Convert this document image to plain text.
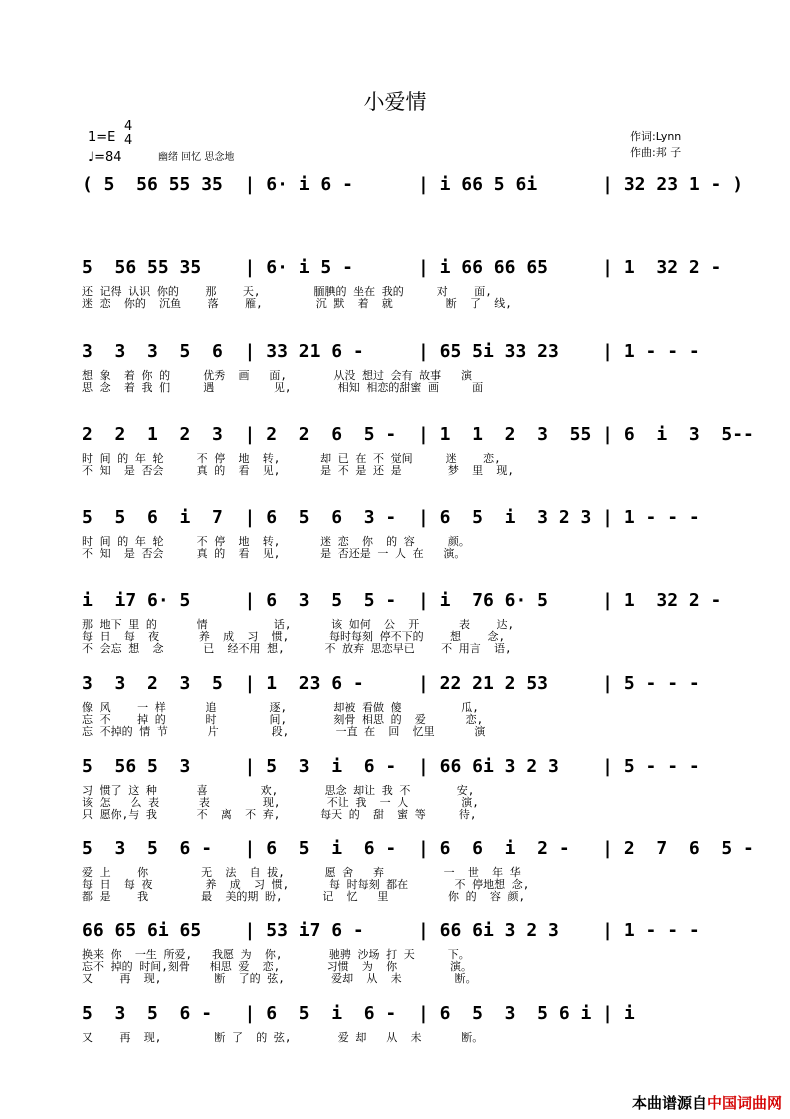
小爱情
1=E
4
4
♩=84	幽绪 回忆 思念地
作词:Lynn
作曲:邦 子
( 5  56 55 35  | 6· i 6 -      | i 66 5 6i      | 32 23 1 - )
5  56 55 35    | 6· i 5 -      | i 66 66 65     | 1  32 2 -
还 记得 认识 你的    那    天,        腼腆的 坐在 我的     对    面,
迷 恋  你的  沉鱼    落    雁,        沉 默  着  就        断  了  线,
3  3  3  5  6  | 33 21 6 -     | 65 5i 33 23    | 1 - - -
想 象  着 你 的     优秀  画   面,       从没 想过 会有 故事   演
思 念  着 我 们     遇         见,       相知 相恋的甜蜜 画     面
2  2  1  2  3  | 2  2  6  5 -  | 1  1  2  3  55 | 6  i  3  5--
时 间 的 年 轮     不 停  地  转,      却 已 在 不 觉间     迷    恋,
不 知  是 否会     真 的  看  见,      是 不 是 还 是       梦  里  现,
5  5  6  i  7  | 6  5  6  3 -  | 6  5  i  3 2 3 | 1 - - -
时 间 的 年 轮     不 停  地  转,      迷 恋  你  的 容     颜。
不 知  是 否会     真 的  看  见,      是 否还是 一 人 在   演。
i  i7 6· 5     | 6  3  5  5 -  | i  76 6· 5     | 1  32 2 -
那 地下 里 的      情          话,      该 如何  公  开      表    达,
每 日  每  夜      养  成  习  惯,      每时每刻 停不下的    想    念,
不 会忘 想  念      已  经不用 想,      不 放弃 思恋早已    不 用言  语,
3  3  2  3  5  | 1  23 6 -     | 22 21 2 53     | 5 - - -
像 风    一 样      追        逐,       却被 看做 傻         瓜,
忘 不    掉 的      时        间,       刻骨 相思 的  爱      恋,
忘 不掉的 情 节      片        段,       一直 在  回  忆里      演
5  56 5  3     | 5  3  i  6 -  | 66 6i 3 2 3    | 5 - - -
习 惯了 这 种      喜        欢,       思念 却让 我 不       安,
该 怎   么 表      表        现,       不让 我  一 人        演,
只 愿你,与 我      不  离  不 弃,      每天 的  甜  蜜 等     待,
5  3  5  6 -   | 6  5  i  6 -  | 6  6  i  2 -   | 2  7  6  5 -
爱 上    你        无  法  自 拔,      愿 舍   弃         一  世  年 华
每 日  每 夜        养  成  习 惯,      每 时每刻 都在       不 停地想 念,
都 是    我        最  美的期 盼,      记  忆   里         你 的  容 颜,
66 65 6i 65    | 53 i7 6 -     | 66 6i 3 2 3    | 1 - - -
换来 你  一生 所爱,   我愿 为  你,       驰骋 沙场 打 天     下。
忘不 掉的 时间,刻骨   相思 爱  恋,       习惯  为  你        演。
又    再  现,        断  了的 弦,       爱却  从  未        断。
5  3  5  6 -   | 6  5  i  6 -  | 6  5  3  5 6 i | i
又    再  现,        断 了  的 弦,       爱 却   从  未      断。
本曲谱源自中国词曲网
